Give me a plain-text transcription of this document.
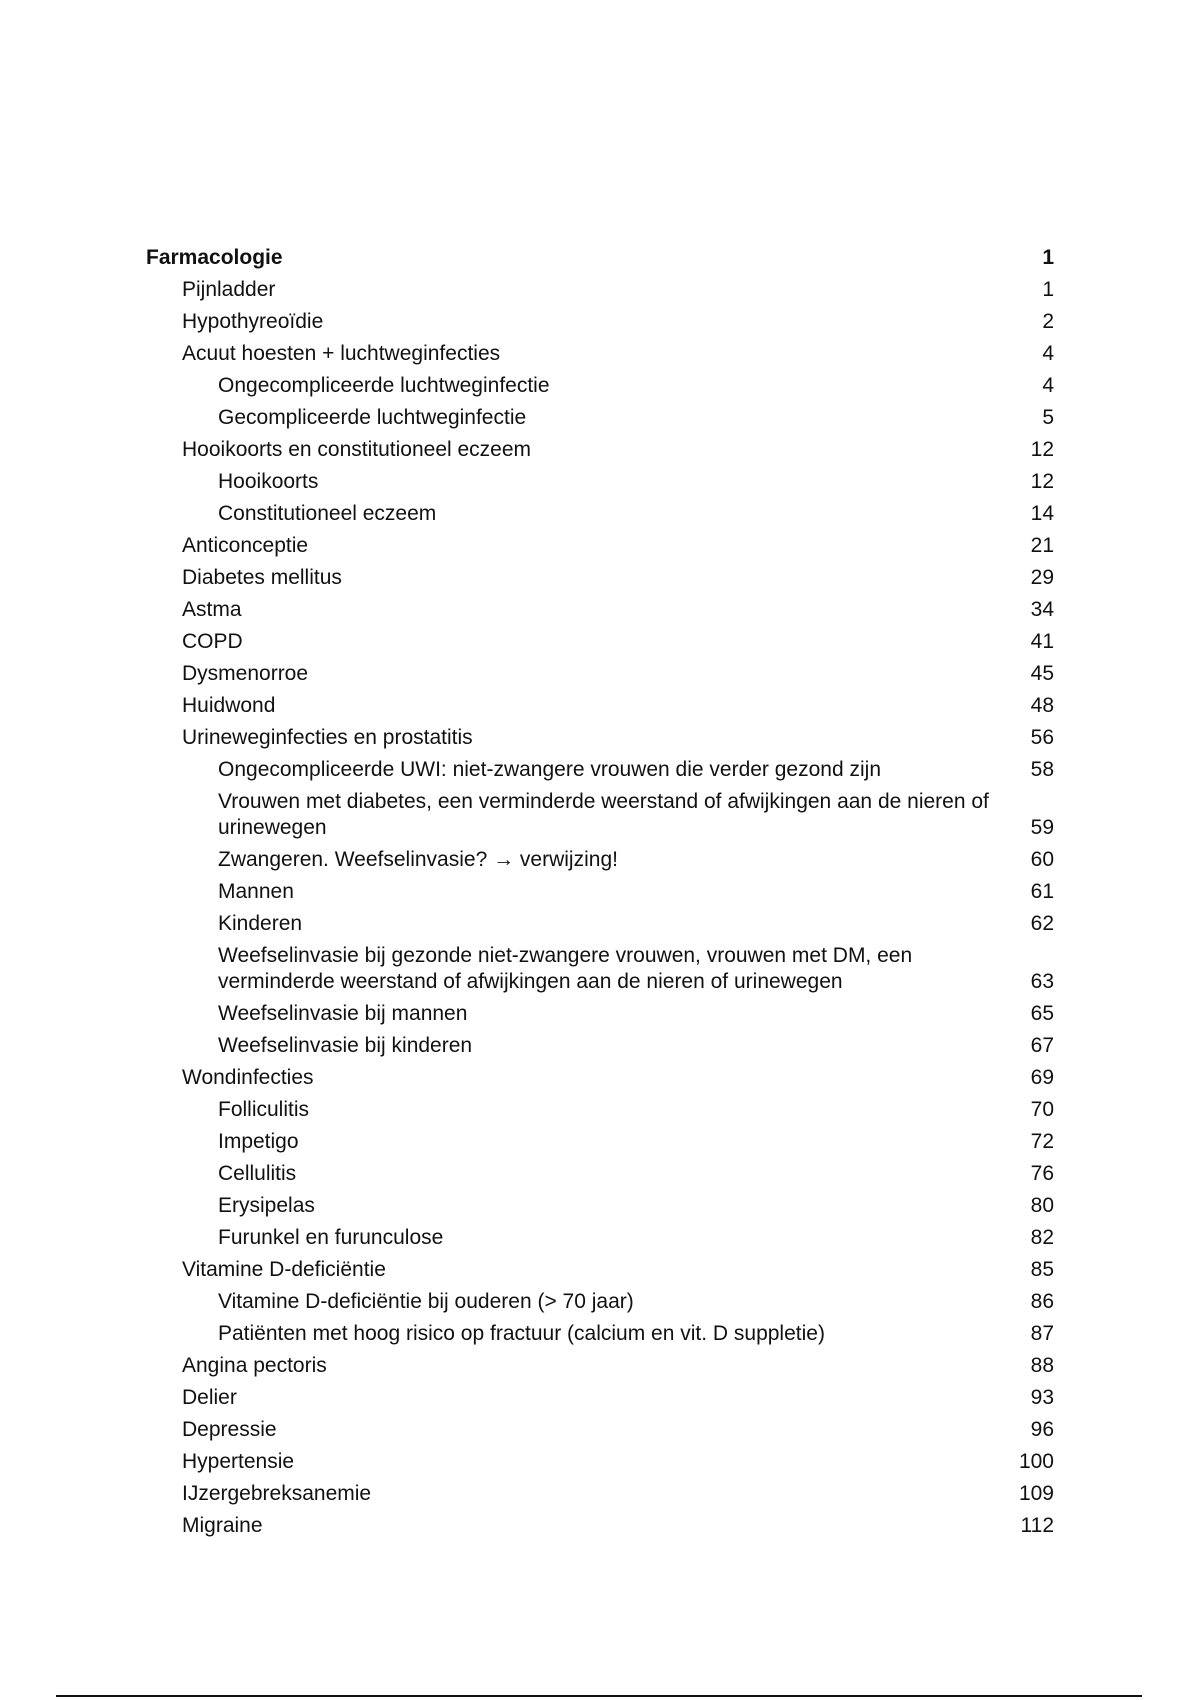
Farmacologie	1
Pijnladder	1
Hypothyreoïdie	2
Acuut hoesten + luchtweginfecties	4
Ongecompliceerde luchtweginfectie	4
Gecompliceerde luchtweginfectie	5
Hooikoorts en constitutioneel eczeem	12
Hooikoorts	12
Constitutioneel eczeem	14
Anticonceptie	21
Diabetes mellitus	29
Astma	34
COPD	41
Dysmenorroe	45
Huidwond	48
Urineweginfecties en prostatitis	56
Ongecompliceerde UWI: niet-zwangere vrouwen die verder gezond zijn	58
Vrouwen met diabetes, een verminderde weerstand of afwijkingen aan de nieren of urinewegen	59
Zwangeren. Weefselinvasie? → verwijzing!	60
Mannen	61
Kinderen	62
Weefselinvasie bij gezonde niet-zwangere vrouwen, vrouwen met DM, een verminderde weerstand of afwijkingen aan de nieren of urinewegen	63
Weefselinvasie bij mannen	65
Weefselinvasie bij kinderen	67
Wondinfecties	69
Folliculitis	70
Impetigo	72
Cellulitis	76
Erysipelas	80
Furunkel en furunculose	82
Vitamine D-deficiëntie	85
Vitamine D-deficiëntie bij ouderen (> 70 jaar)	86
Patiënten met hoog risico op fractuur (calcium en vit. D suppletie)	87
Angina pectoris	88
Delier	93
Depressie	96
Hypertensie	100
IJzergebreksanemie	109
Migraine	112
